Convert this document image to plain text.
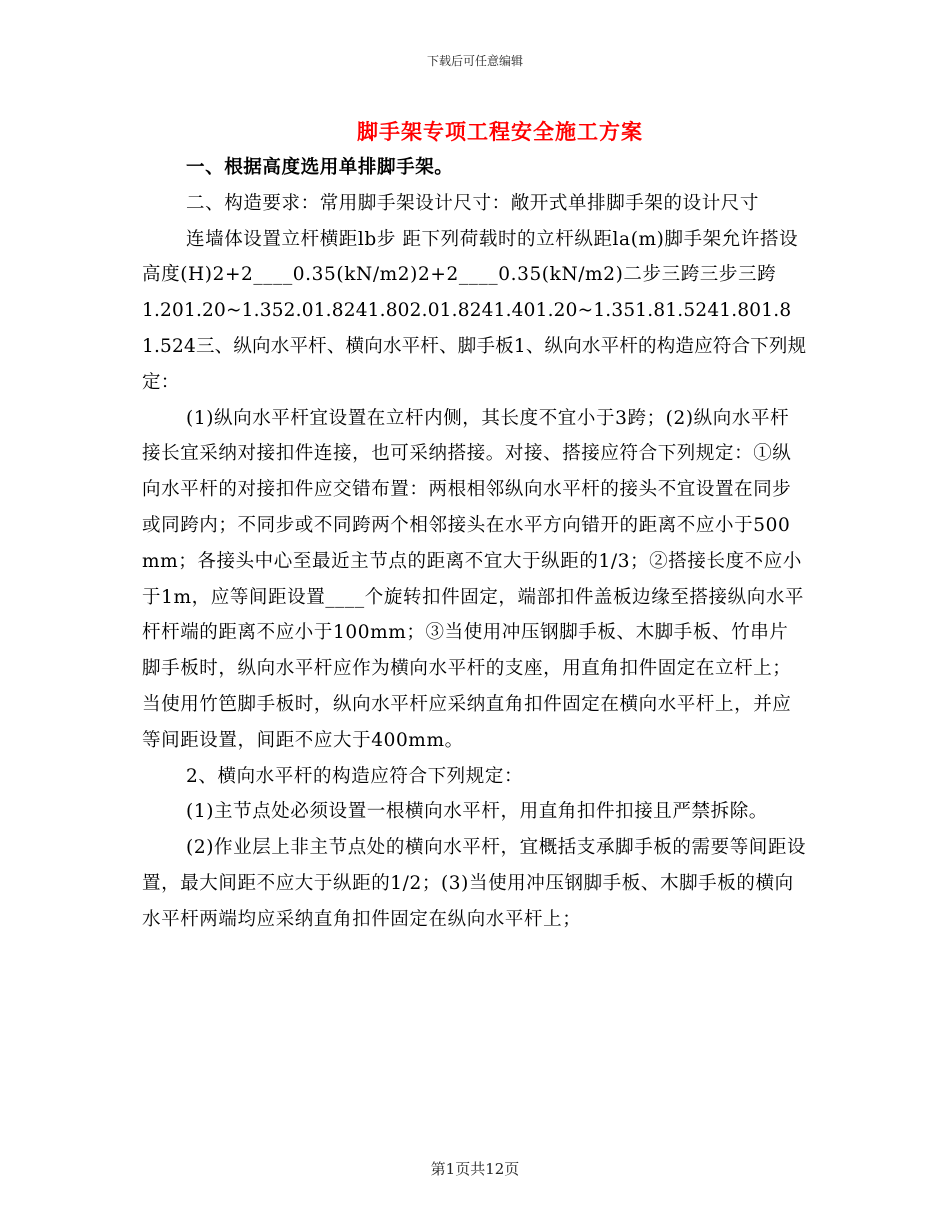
下载后可任意编辑
脚手架专项工程安全施工方案

一、根据高度选用单排脚手架。

二、构造要求：常用脚手架设计尺寸：敞开式单排脚手架的设计尺寸

连墙体设置立杆横距lb步 距下列荷载时的立杆纵距la(m)脚手架允许搭设高度(H)2+2____0.35(kN/m2)2+2____0.35(kN/m2)二步三跨三步三跨

1.201.20~1.352.01.8241.802.01.8241.401.20~1.351.81.5241.801.81.524三、纵向水平杆、横向水平杆、脚手板1、纵向水平杆的构造应符合下列规定：

(1)纵向水平杆宜设置在立杆内侧，其长度不宜小于3跨；(2)纵向水平杆接长宜采纳对接扣件连接，也可采纳搭接。对接、搭接应符合下列规定：①纵向水平杆的对接扣件应交错布置：两根相邻纵向水平杆的接头不宜设置在同步或同跨内；不同步或不同跨两个相邻接头在水平方向错开的距离不应小于500mm；各接头中心至最近主节点的距离不宜大于纵距的1/3；②搭接长度不应小于1m，应等间距设置____个旋转扣件固定，端部扣件盖板边缘至搭接纵向水平杆杆端的距离不应小于100mm；③当使用冲压钢脚手板、木脚手板、竹串片脚手板时，纵向水平杆应作为横向水平杆的支座，用直角扣件固定在立杆上；当使用竹笆脚手板时，纵向水平杆应采纳直角扣件固定在横向水平杆上，并应等间距设置，间距不应大于400mm。

2、横向水平杆的构造应符合下列规定：

(1)主节点处必须设置一根横向水平杆，用直角扣件扣接且严禁拆除。

(2)作业层上非主节点处的横向水平杆，宜概括支承脚手板的需要等间距设置，最大间距不应大于纵距的1/2；(3)当使用冲压钢脚手板、木脚手板的横向水平杆两端均应采纳直角扣件固定在纵向水平杆上；

第1页共12页
